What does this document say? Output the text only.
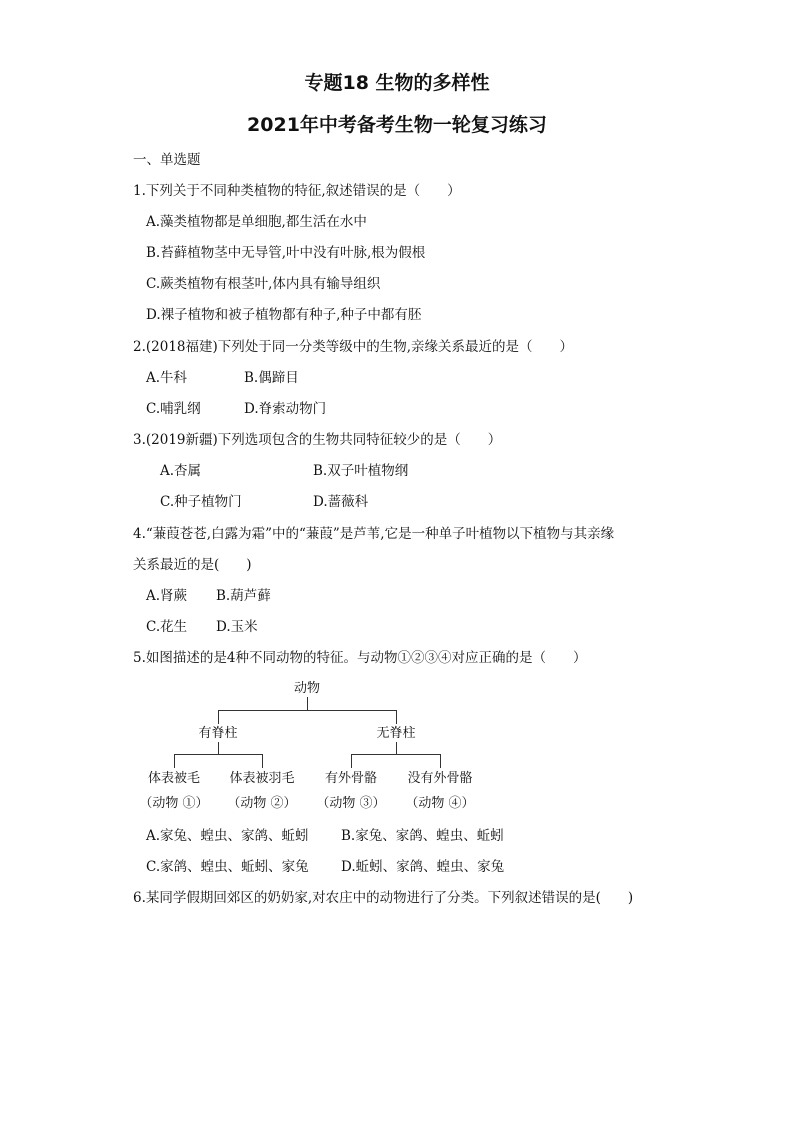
专题18 生物的多样性
2021年中考备考生物一轮复习练习
一、单选题
1.下列关于不同种类植物的特征,叙述错误的是（　　）
A.藻类植物都是单细胞,都生活在水中
B.苔藓植物茎中无导管,叶中没有叶脉,根为假根
C.蕨类植物有根茎叶,体内具有输导组织
D.裸子植物和被子植物都有种子,种子中都有胚
2.(2018福建)下列处于同一分类等级中的生物,亲缘关系最近的是（　　）
A.牛科	B.偶蹄目
C.哺乳纲	D.脊索动物门
3.(2019新疆)下列选项包含的生物共同特征较少的是（　　）
A.杏属	B.双子叶植物纲
C.种子植物门	D.蔷薇科
4.“蒹葭苍苍,白露为霜”中的“蒹葭”是芦苇,它是一种单子叶植物以下植物与其亲缘
关系最近的是(　　)
A.肾蕨 B.葫芦藓
C.花生 D.玉米
5.如图描述的是4种不同动物的特征。与动物①②③④对应正确的是（　　）
动物
有脊柱	无脊柱
体表被毛	体表被羽毛	有外骨骼	没有外骨骼
（动物 ①）	（动物 ②）	（动物 ③）	（动物 ④）
A.家兔、蝗虫、家鸽、蚯蚓 B.家兔、家鸽、蝗虫、蚯蚓
C.家鸽、蝗虫、蚯蚓、家兔 D.蚯蚓、家鸽、蝗虫、家兔
6.某同学假期回郊区的奶奶家,对农庄中的动物进行了分类。下列叙述错误的是(　　)
